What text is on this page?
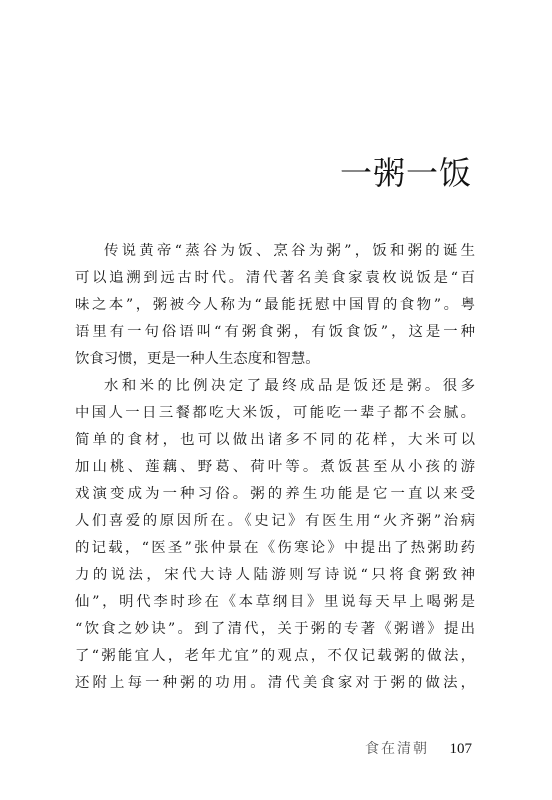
一粥一饭
传说黄帝“蒸谷为饭、烹谷为粥”，饭和粥的诞生
可以追溯到远古时代。清代著名美食家袁枚说饭是“百
味之本”，粥被今人称为“最能抚慰中国胃的食物”。粤
语里有一句俗语叫“有粥食粥，有饭食饭”，这是一种
饮食习惯，更是一种人生态度和智慧。
水和米的比例决定了最终成品是饭还是粥。很多
中国人一日三餐都吃大米饭，可能吃一辈子都不会腻。
简单的食材，也可以做出诸多不同的花样，大米可以
加山桃、莲藕、野葛、荷叶等。煮饭甚至从小孩的游
戏演变成为一种习俗。粥的养生功能是它一直以来受
人们喜爱的原因所在。《史记》有医生用“火齐粥”治病
的记载，“医圣”张仲景在《伤寒论》中提出了热粥助药
力的说法，宋代大诗人陆游则写诗说“只将食粥致神
仙”，明代李时珍在《本草纲目》里说每天早上喝粥是
“饮食之妙诀”。到了清代，关于粥的专著《粥谱》提出
了“粥能宜人，老年尤宜”的观点，不仅记载粥的做法，
还附上每一种粥的功用。清代美食家对于粥的做法，
食在清朝 107
